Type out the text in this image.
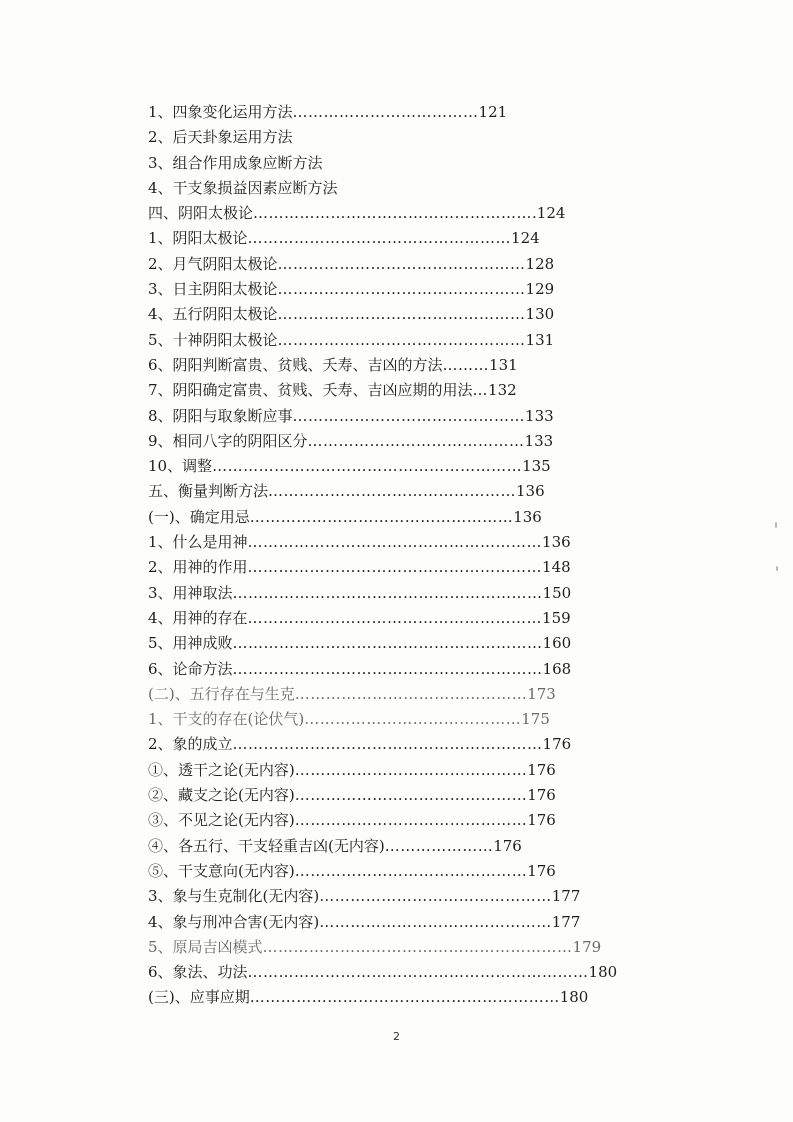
1、四象变化运用方法………………………………121
2、后天卦象运用方法
3、组合作用成象应断方法
4、干支象损益因素应断方法
四、阴阳太极论……………………………………………….124
1、阴阳太极论……………………………………………124
2、月气阴阳太极论…………………………………………128
3、日主阴阳太极论…………………………………………129
4、五行阴阳太极论…………………………………………130
5、十神阴阳太极论…………………………………………131
6、阴阳判断富贵、贫贱、夭寿、吉凶的方法………131
7、阴阳确定富贵、贫贱、夭寿、吉凶应期的用法…132
8、阴阳与取象断应事………………………………………133
9、相同八字的阴阳区分……………………………………133
10、调整……………………………………………………135
五、衡量判断方法…………………………………………136
(一)、确定用忌……………………………………………136
1、什么是用神…………………………………………………136
2、用神的作用…………………………………………………148
3、用神取法……………………………………………………150
4、用神的存在…………………………………………………159
5、用神成败……………………………………………………160
6、论命方法……………………………………………………168
(二)、五行存在与生克………………………………………173
1、干支的存在(论伏气)……………………………………175
2、象的成立……………………………………………………176
①、透干之论(无内容)………………………………………176
②、藏支之论(无内容)………………………………………176
③、不见之论(无内容)………………………………………176
④、各五行、干支轻重吉凶(无内容)…………………176
⑤、干支意向(无内容)………………………………………176
3、象与生克制化(无内容)………………………………………177
4、象与刑冲合害(无内容)………………………………………177
5、原局吉凶模式……………………………………………………179
6、象法、功法…………………………………………………………180
(三)、应事应期……………………………………………………180
2
